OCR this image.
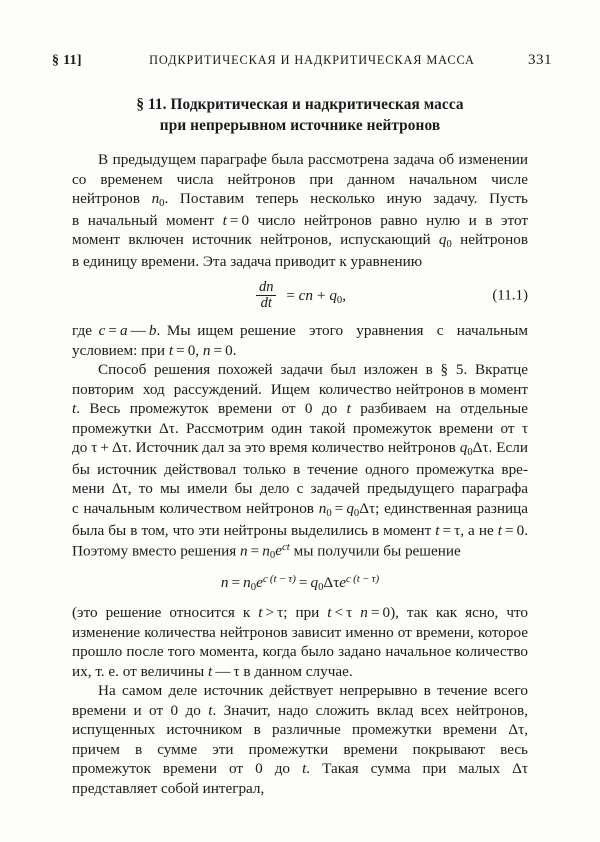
§ 11]	ПОДКРИТИЧЕСКАЯ И НАДКРИТИЧЕСКАЯ МАССА	331
§ 11. Подкритическая и надкритическая масса
при непрерывном источнике нейтронов

В предыдущем параграфе была рассмотрена задача об изменении со временем числа нейтронов при данном начальном числе нейтронов $n_0$. Поставим теперь несколько иную задачу. Пусть в начальный момент t = 0 число нейтронов равно нулю и в этот момент включен источник нейтронов, испускающий $q_0$ нейтронов в единицу времени. Эта задача приводит к уравнению

$\frac{dn}{dt}$  = cn + $q_0$,	(11.1)

где c = a — b. Мы ищем решение  этого  уравнения  с  начальным условием: при t = 0, n = 0.

Способ решения похожей задачи был изложен в § 5. Вкратце повторим  ход  рассуждений.  Ищем  количество нейтронов в момент t. Весь промежуток времени от 0 до t разбиваем на отдельные промежутки Δτ. Рассмотрим один такой промежуток времени от τ до τ + Δτ. Источник дал за это время количество нейтронов $q_0\Delta\tau$. Если бы источник действовал только в течение одного промежутка времени Δτ, то мы имели бы дело с задачей предыдущего параграфа с начальным количеством нейтронов $n_0 = q_0\Delta\tau$; единственная разница была бы в том, что эти нейтроны выделились в момент t = τ, а не t = 0. Поэтому вместо решения $n = n_0e^{ct}$ мы получили бы решение

$n = n_0e^{c (t - \tau)} = q_0\Delta\tau e^{c (t - \tau)}$

(это решение относится к t > τ; при t < τ n = 0), так как ясно, что изменение количества нейтронов зависит именно от времени, которое прошло после того момента, когда было задано начальное количество их, т. е. от величины t — τ в данном случае.

На самом деле источник действует непрерывно в течение всего времени и от 0 до t. Значит, надо сложить вклад всех нейтронов, испущенных источником в различные промежутки времени Δτ, причем в сумме эти промежутки времени покрывают весь промежуток времени от 0 до t. Такая сумма при малых Δτ представляет собой интеграл,
